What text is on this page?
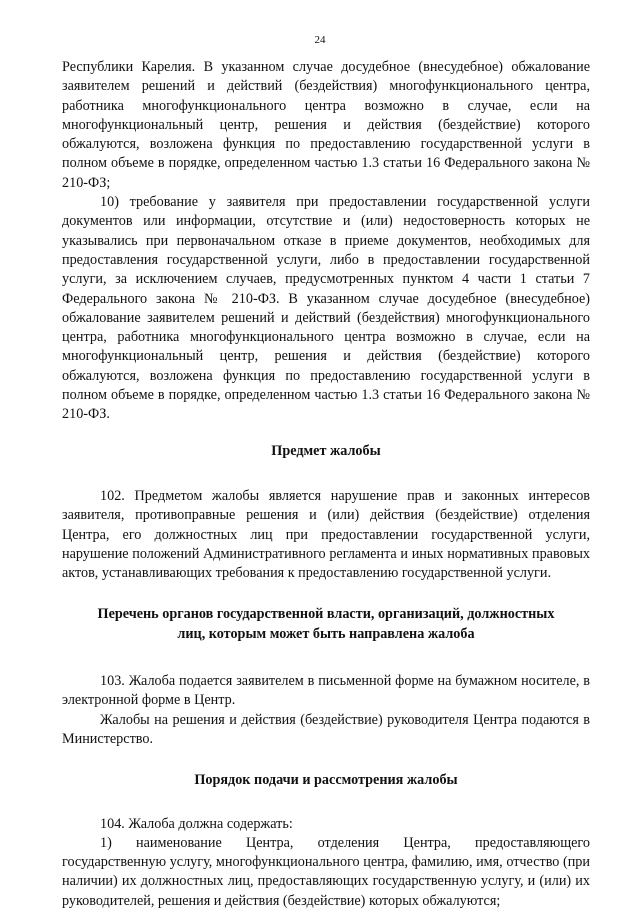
24

Республики Карелия. В указанном случае досудебное (внесудебное) обжалование заявителем решений и действий (бездействия) многофункционального центра, работника многофункционального центра возможно в случае, если на многофункциональный центр, решения и действия (бездействие) которого обжалуются, возложена функция по предоставлению государственной услуги в полном объеме в порядке, определенном частью 1.3 статьи 16 Федерального закона № 210-ФЗ;

10) требование у заявителя при предоставлении государственной услуги документов или информации, отсутствие и (или) недостоверность которых не указывались при первоначальном отказе в приеме документов, необходимых для предоставления государственной услуги, либо в предоставлении государственной услуги, за исключением случаев, предусмотренных пунктом 4 части 1 статьи 7 Федерального закона № 210-ФЗ. В указанном случае досудебное (внесудебное) обжалование заявителем решений и действий (бездействия) многофункционального центра, работника многофункционального центра возможно в случае, если на многофункциональный центр, решения и действия (бездействие) которого обжалуются, возложена функция по предоставлению государственной услуги в полном объеме в порядке, определенном частью 1.3 статьи 16 Федерального закона № 210-ФЗ.

Предмет жалобы

102. Предметом жалобы является нарушение прав и законных интересов заявителя, противоправные решения и (или) действия (бездействие) отделения Центра, его должностных лиц при предоставлении государственной услуги, нарушение положений Административного регламента и иных нормативных правовых актов, устанавливающих требования к предоставлению государственной услуги.

Перечень органов государственной власти, организаций, должностных

лиц, которым может быть направлена жалоба

103. Жалоба подается заявителем в письменной форме на бумажном носителе, в электронной форме в Центр.

Жалобы на решения и действия (бездействие) руководителя Центра подаются в Министерство.

Порядок подачи и рассмотрения жалобы

104. Жалоба должна содержать:

1) наименование Центра, отделения Центра, предоставляющего государственную услугу, многофункционального центра, фамилию, имя, отчество (при наличии) их должностных лиц, предоставляющих государственную услугу, и (или) их руководителей, решения и действия (бездействие) которых обжалуются;
